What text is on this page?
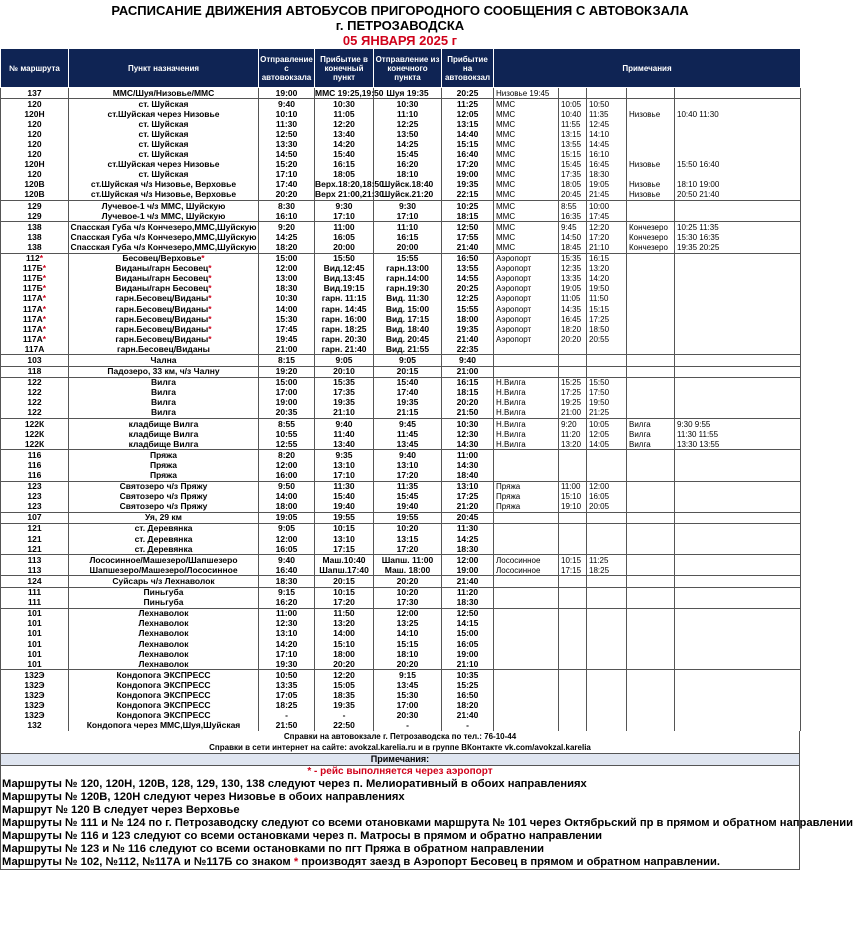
РАСПИСАНИЕ ДВИЖЕНИЯ АВТОБУСОВ ПРИГОРОДНОГО СООБЩЕНИЯ С АВТОВОКЗАЛА
г. ПЕТРОЗАВОДСКА
05 ЯНВАРЯ 2025 г
№ маршрута	Пункт назначения	Отправление с автовокзала	Прибытие в конечный пункт	Отправление из конечного пункта	Прибытие на автовокзал	Примечания				
137	ММС/Шуя/Низовье/ММС	19:00	ММС 19:25,19:50	Шуя 19:35	20:25	Низовье 19:45				
120	ст. Шуйская	9:40	10:30	10:30	11:25	ММС	10:05	10:50		
120Н	ст.Шуйская через Низовье	10:10	11:05	11:10	12:05	ММС	10:40	11:35	Низовье	10:40 11:30
120	ст. Шуйская	11:30	12:20	12:25	13:15	ММС	11:55	12:45		
120	ст. Шуйская	12:50	13:40	13:50	14:40	ММС	13:15	14:10		
120	ст. Шуйская	13:30	14:20	14:25	15:15	ММС	13:55	14:45		
120	ст. Шуйская	14:50	15:40	15:45	16:40	ММС	15:15	16:10		
120Н	ст.Шуйская через Низовье	15:20	16:15	16:20	17:20	ММС	15:45	16:45	Низовье	15:50 16:40
120	ст. Шуйская	17:10	18:05	18:10	19:00	ММС	17:35	18:30		
120В	ст.Шуйская ч/з Низовье, Верховье	17:40	Верх.18:20,18:50	Шуйск.18:40	19:35	ММС	18:05	19:05	Низовье	18:10 19:00
120В	ст.Шуйская ч/з Низовье, Верховье	20:20	Верх 21:00,21:30	Шуйск.21:20	22:15	ММС	20:45	21:45	Низовье	20:50 21:40
129	Лучевое-1 ч/з ММС, Шуйскую	8:30	9:30	9:30	10:25	ММС	8:55	10:00		
129	Лучевое-1 ч/з ММС, Шуйскую	16:10	17:10	17:10	18:15	ММС	16:35	17:45		
138	Спасская Губа ч/з Кончезеро,ММС,Шуйскую	9:20	11:00	11:10	12:50	ММС	9:45	12:20	Кончезеро	10:25 11:35
138	Спасская Губа ч/з Кончезеро,ММС,Шуйскую	14:25	16:05	16:15	17:55	ММС	14:50	17:20	Кончезеро	15:30 16:35
138	Спасская Губа ч/з Кончезеро,ММС,Шуйскую	18:20	20:00	20:00	21:40	ММС	18:45	21:10	Кончезеро	19:35 20:25
112*	Бесовец/Верховье*	15:00	15:50	15:55	16:50	Аэропорт	15:35	16:15		
117Б*	Виданы/гарн Бесовец*	12:00	Вид.12:45	гарн.13:00	13:55	Аэропорт	12:35	13:20		
117Б*	Виданы/гарн Бесовец*	13:00	Вид.13:45	гарн.14:00	14:55	Аэропорт	13:35	14:20		
117Б*	Виданы/гарн Бесовец*	18:30	Вид.19:15	гарн.19:30	20:25	Аэропорт	19:05	19:50		
117А*	гарн.Бесовец/Виданы*	10:30	гарн. 11:15	Вид. 11:30	12:25	Аэропорт	11:05	11:50		
117А*	гарн.Бесовец/Виданы*	14:00	гарн. 14:45	Вид. 15:00	15:55	Аэропорт	14:35	15:15		
117А*	гарн.Бесовец/Виданы*	15:30	гарн. 16:00	Вид. 17:15	18:00	Аэропорт	16:45	17:25		
117А*	гарн.Бесовец/Виданы*	17:45	гарн. 18:25	Вид. 18:40	19:35	Аэропорт	18:20	18:50		
117А*	гарн.Бесовец/Виданы*	19:45	гарн. 20:30	Вид. 20:45	21:40	Аэропорт	20:20	20:55		
117А	гарн.Бесовец/Виданы	21:00	гарн. 21:40	Вид. 21:55	22:35					
103	Чална	8:15	9:05	9:05	9:40					
118	Падозеро, 33 км, ч/з Чалну	19:20	20:10	20:15	21:00					
122	Вилга	15:00	15:35	15:40	16:15	Н.Вилга	15:25	15:50		
122	Вилга	17:00	17:35	17:40	18:15	Н.Вилга	17:25	17:50		
122	Вилга	19:00	19:35	19:35	20:20	Н.Вилга	19:25	19:50		
122	Вилга	20:35	21:10	21:15	21:50	Н.Вилга	21:00	21:25		
122К	кладбище Вилга	8:55	9:40	9:45	10:30	Н.Вилга	9:20	10:05	Вилга	9:30 9:55
122К	кладбище Вилга	10:55	11:40	11:45	12:30	Н.Вилга	11:20	12:05	Вилга	11:30 11:55
122К	кладбище Вилга	12:55	13:40	13:45	14:30	Н.Вилга	13:20	14:05	Вилга	13:30 13:55
116	Пряжа	8:20	9:35	9:40	11:00					
116	Пряжа	12:00	13:10	13:10	14:30					
116	Пряжа	16:00	17:10	17:20	18:40					
123	Святозеро ч/з Пряжу	9:50	11:30	11:35	13:10	Пряжа	11:00	12:00		
123	Святозеро ч/з Пряжу	14:00	15:40	15:45	17:25	Пряжа	15:10	16:05		
123	Святозеро ч/з Пряжу	18:00	19:40	19:40	21:20	Пряжа	19:10	20:05		
107	Уя, 29 км	19:05	19:55	19:55	20:45					
121	ст. Деревянка	9:05	10:15	10:20	11:30					
121	ст. Деревянка	12:00	13:10	13:15	14:25					
121	ст. Деревянка	16:05	17:15	17:20	18:30					
113	Лососинное/Машезеро/Шапшезеро	9:40	Маш.10:40	Шапш. 11:00	12:00	Лососинное	10:15	11:25		
113	Шапшезеро/Машезеро/Лососинное	16:40	Шапш.17:40	Маш. 18:00	19:00	Лососинное	17:15	18:25		
124	Суйсарь ч/з Лехнаволок	18:30	20:15	20:20	21:40					
111	Пиньгуба	9:15	10:15	10:20	11:20					
111	Пиньгуба	16:20	17:20	17:30	18:30					
101	Лехнаволок	11:00	11:50	12:00	12:50					
101	Лехнаволок	12:30	13:20	13:25	14:15					
101	Лехнаволок	13:10	14:00	14:10	15:00					
101	Лехнаволок	14:20	15:10	15:15	16:05					
101	Лехнаволок	17:10	18:00	18:10	19:00					
101	Лехнаволок	19:30	20:20	20:20	21:10					
132Э	Кондопога ЭКСПРЕСС	10:50	12:20	9:15	10:35					
132Э	Кондопога ЭКСПРЕСС	13:35	15:05	13:45	15:25					
132Э	Кондопога ЭКСПРЕСС	17:05	18:35	15:30	16:50					
132Э	Кондопога ЭКСПРЕСС	18:25	19:35	17:00	18:20					
132Э	Кондопога ЭКСПРЕСС	-	-	20:30	21:40					
132	Кондопога через ММС,Шуя,Шуйская	21:50	22:50	-	-					
Справки на автовокзале г. Петрозаводска по тел.: 76-10-44
Справки в сети интернет на сайте: avokzal.karelia.ru и в группе ВКонтакте vk.com/avokzal.karelia
Примечания:
* - рейс выполняется через аэропорт
Маршруты № 120, 120Н, 120В, 128, 129, 130, 138 следуют через п. Мелиоративный в обоих направлениях
Маршруты № 120В, 120Н следуют через Низовье в обоих направлениях
Маршрут № 120 В следует через Верховье
Маршруты № 111 и № 124 по г. Петрозаводску следуют со всеми отановками маршрута № 101 через Октябрьский пр в прямом и обратном направлении
Маршруты № 116 и 123 следуют со всеми остановками через п. Матросы в прямом и обратно направлении
Маршруты № 123 и № 116 следуют со всеми остановками по пгт Пряжа в обратном направлении
Маршруты № 102, №112, №117А и №117Б со знаком * производят заезд в Аэропорт Бесовец в прямом и обратном направлении.
